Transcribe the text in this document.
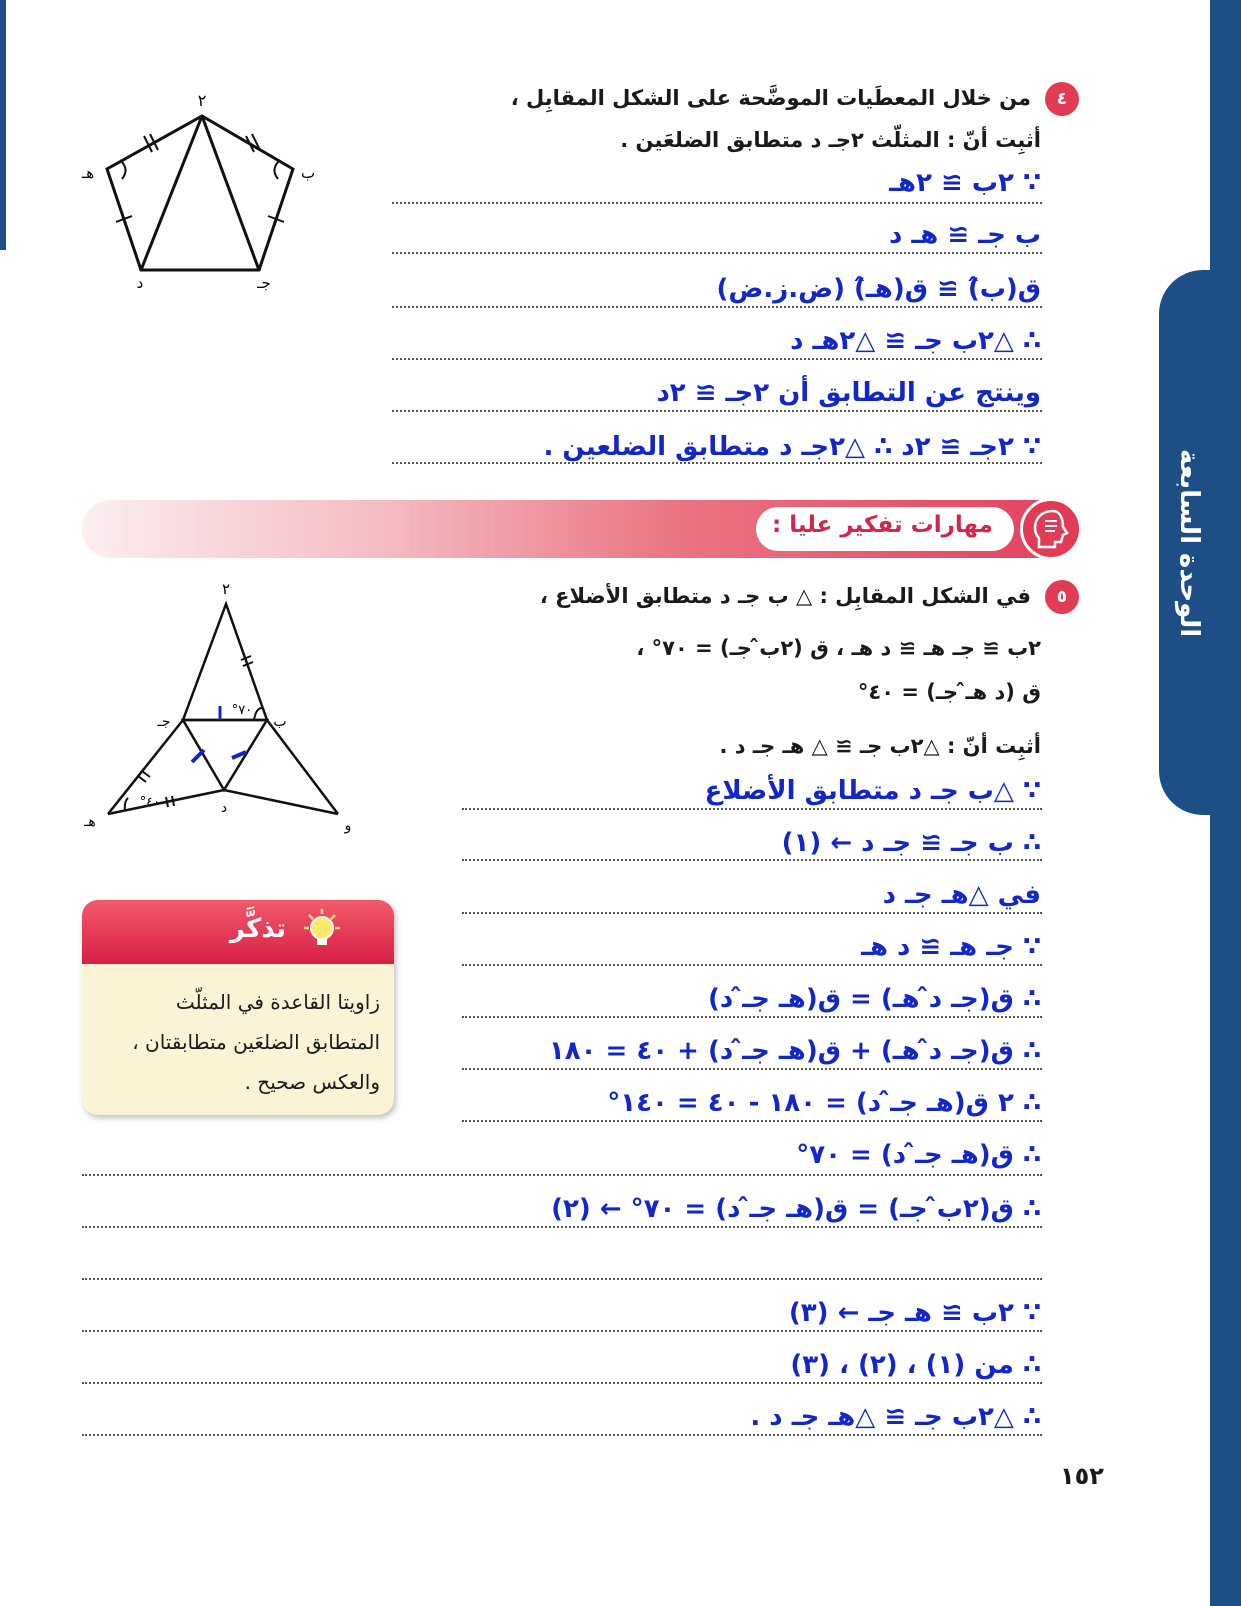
الوحدة السابعة
٤
من خلال المعطَيات الموضَّحة على الشكل المقابِل ،
أثبِت أنّ : المثلّث ٢جـ د متطابق الضلعَين .
٢
هـ	ب
د	جـ
∵ ٢ب ≅ ٢هـ
ب جـ ≅ هـ د
ق(ب̂) ≅ ق(هـ̂) (ض.ز.ض)
∴ △٢ب جـ ≅ △٢هـ د
وينتج عن التطابق أن ٢جـ ≅ ٢د
∵ ٢جـ ≅ ٢د ∴ △٢جـ د متطابق الضلعين .
مهارات تفكير عليا :
٥
في الشكل المقابِل : △ ب جـ د متطابق الأضلاع ،
٢ب ≅ جـ هـ ≅ د هـ ، ق (٢ب̂ جـ) = ٧٠° ،
ق (د هـ̂ جـ) = ٤٠°
أثبِت أنّ : △٢ب جـ ≅ △ هـ جـ د .
٢
ب
جـ
د
هـ	و
٧٠°
٤٠°	∵ △ب جـ د متطابق الأضلاع
∴ ب جـ ≅ جـ د ← (١)
في △هـ جـ د
∵ جـ هـ ≅ د هـ
∴ ق(جـ د̂ هـ) = ق(هـ جـ̂ د)
∴ ق(جـ د̂ هـ) + ق(هـ جـ̂ د) + ٤٠ = ١٨٠
∴ ٢ ق(هـ جـ̂ د) = ١٨٠ - ٤٠ = ١٤٠°
∴ ق(هـ جـ̂ د) = ٧٠°
∴ ق(٢ب̂ جـ) = ق(هـ جـ̂ د) = ٧٠° ← (٢)
∵ ٢ب ≅ هـ جـ ← (٣)
∴ من (١) ، (٢) ، (٣)
∴ △٢ب جـ ≅ △هـ جـ د .
تذكَّر
زاويتا القاعدة في المثلّث
المتطابق الضلعَين متطابقتان ،
والعكس صحيح .
١٥٢
